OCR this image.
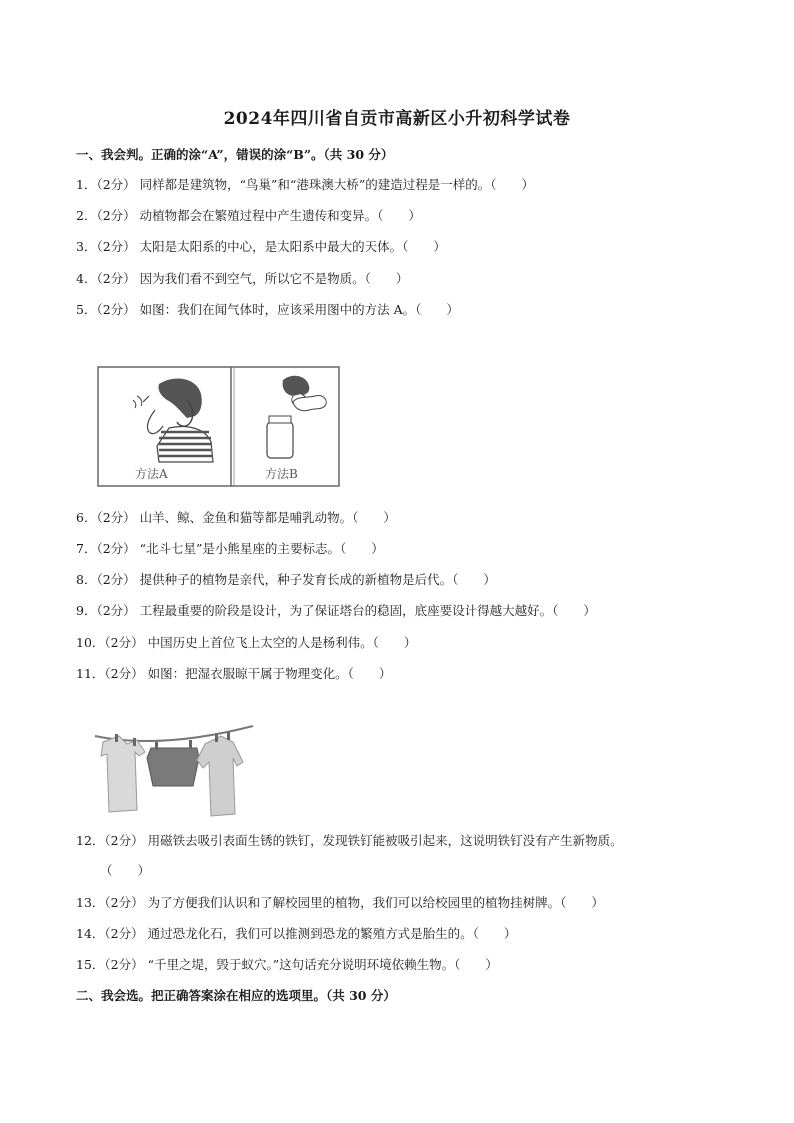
2024年四川省自贡市高新区小升初科学试卷
一、我会判。正确的涂“A”，错误的涂“B”。（共 30 分）
1．（2分） 同样都是建筑物，“鸟巢”和“港珠澳大桥”的建造过程是一样的。（　　）
2．（2分） 动植物都会在繁殖过程中产生遗传和变异。（　　）
3．（2分） 太阳是太阳系的中心，是太阳系中最大的天体。（　　）
4．（2分） 因为我们看不到空气，所以它不是物质。（　　）
5．（2分） 如图：我们在闻气体时，应该采用图中的方法 A。（　　）
方法A	方法B
6．（2分） 山羊、鲸、金鱼和猫等都是哺乳动物。（　　）
7．（2分） “北斗七星”是小熊星座的主要标志。（　　）
8．（2分） 提供种子的植物是亲代，种子发育长成的新植物是后代。（　　）
9．（2分） 工程最重要的阶段是设计，为了保证塔台的稳固，底座要设计得越大越好。（　　）
10．（2分） 中国历史上首位飞上太空的人是杨利伟。（　　）
11．（2分） 如图：把湿衣服晾干属于物理变化。（　　）
12．（2分） 用磁铁去吸引表面生锈的铁钉，发现铁钉能被吸引起来，这说明铁钉没有产生新物质。
（　　）
13．（2分） 为了方便我们认识和了解校园里的植物，我们可以给校园里的植物挂树牌。（　　）
14．（2分） 通过恐龙化石，我们可以推测到恐龙的繁殖方式是胎生的。（　　）
15．（2分） “千里之堤，毁于蚁穴。”这句话充分说明环境依赖生物。（　　）
二、我会选。把正确答案涂在相应的选项里。（共 30 分）
